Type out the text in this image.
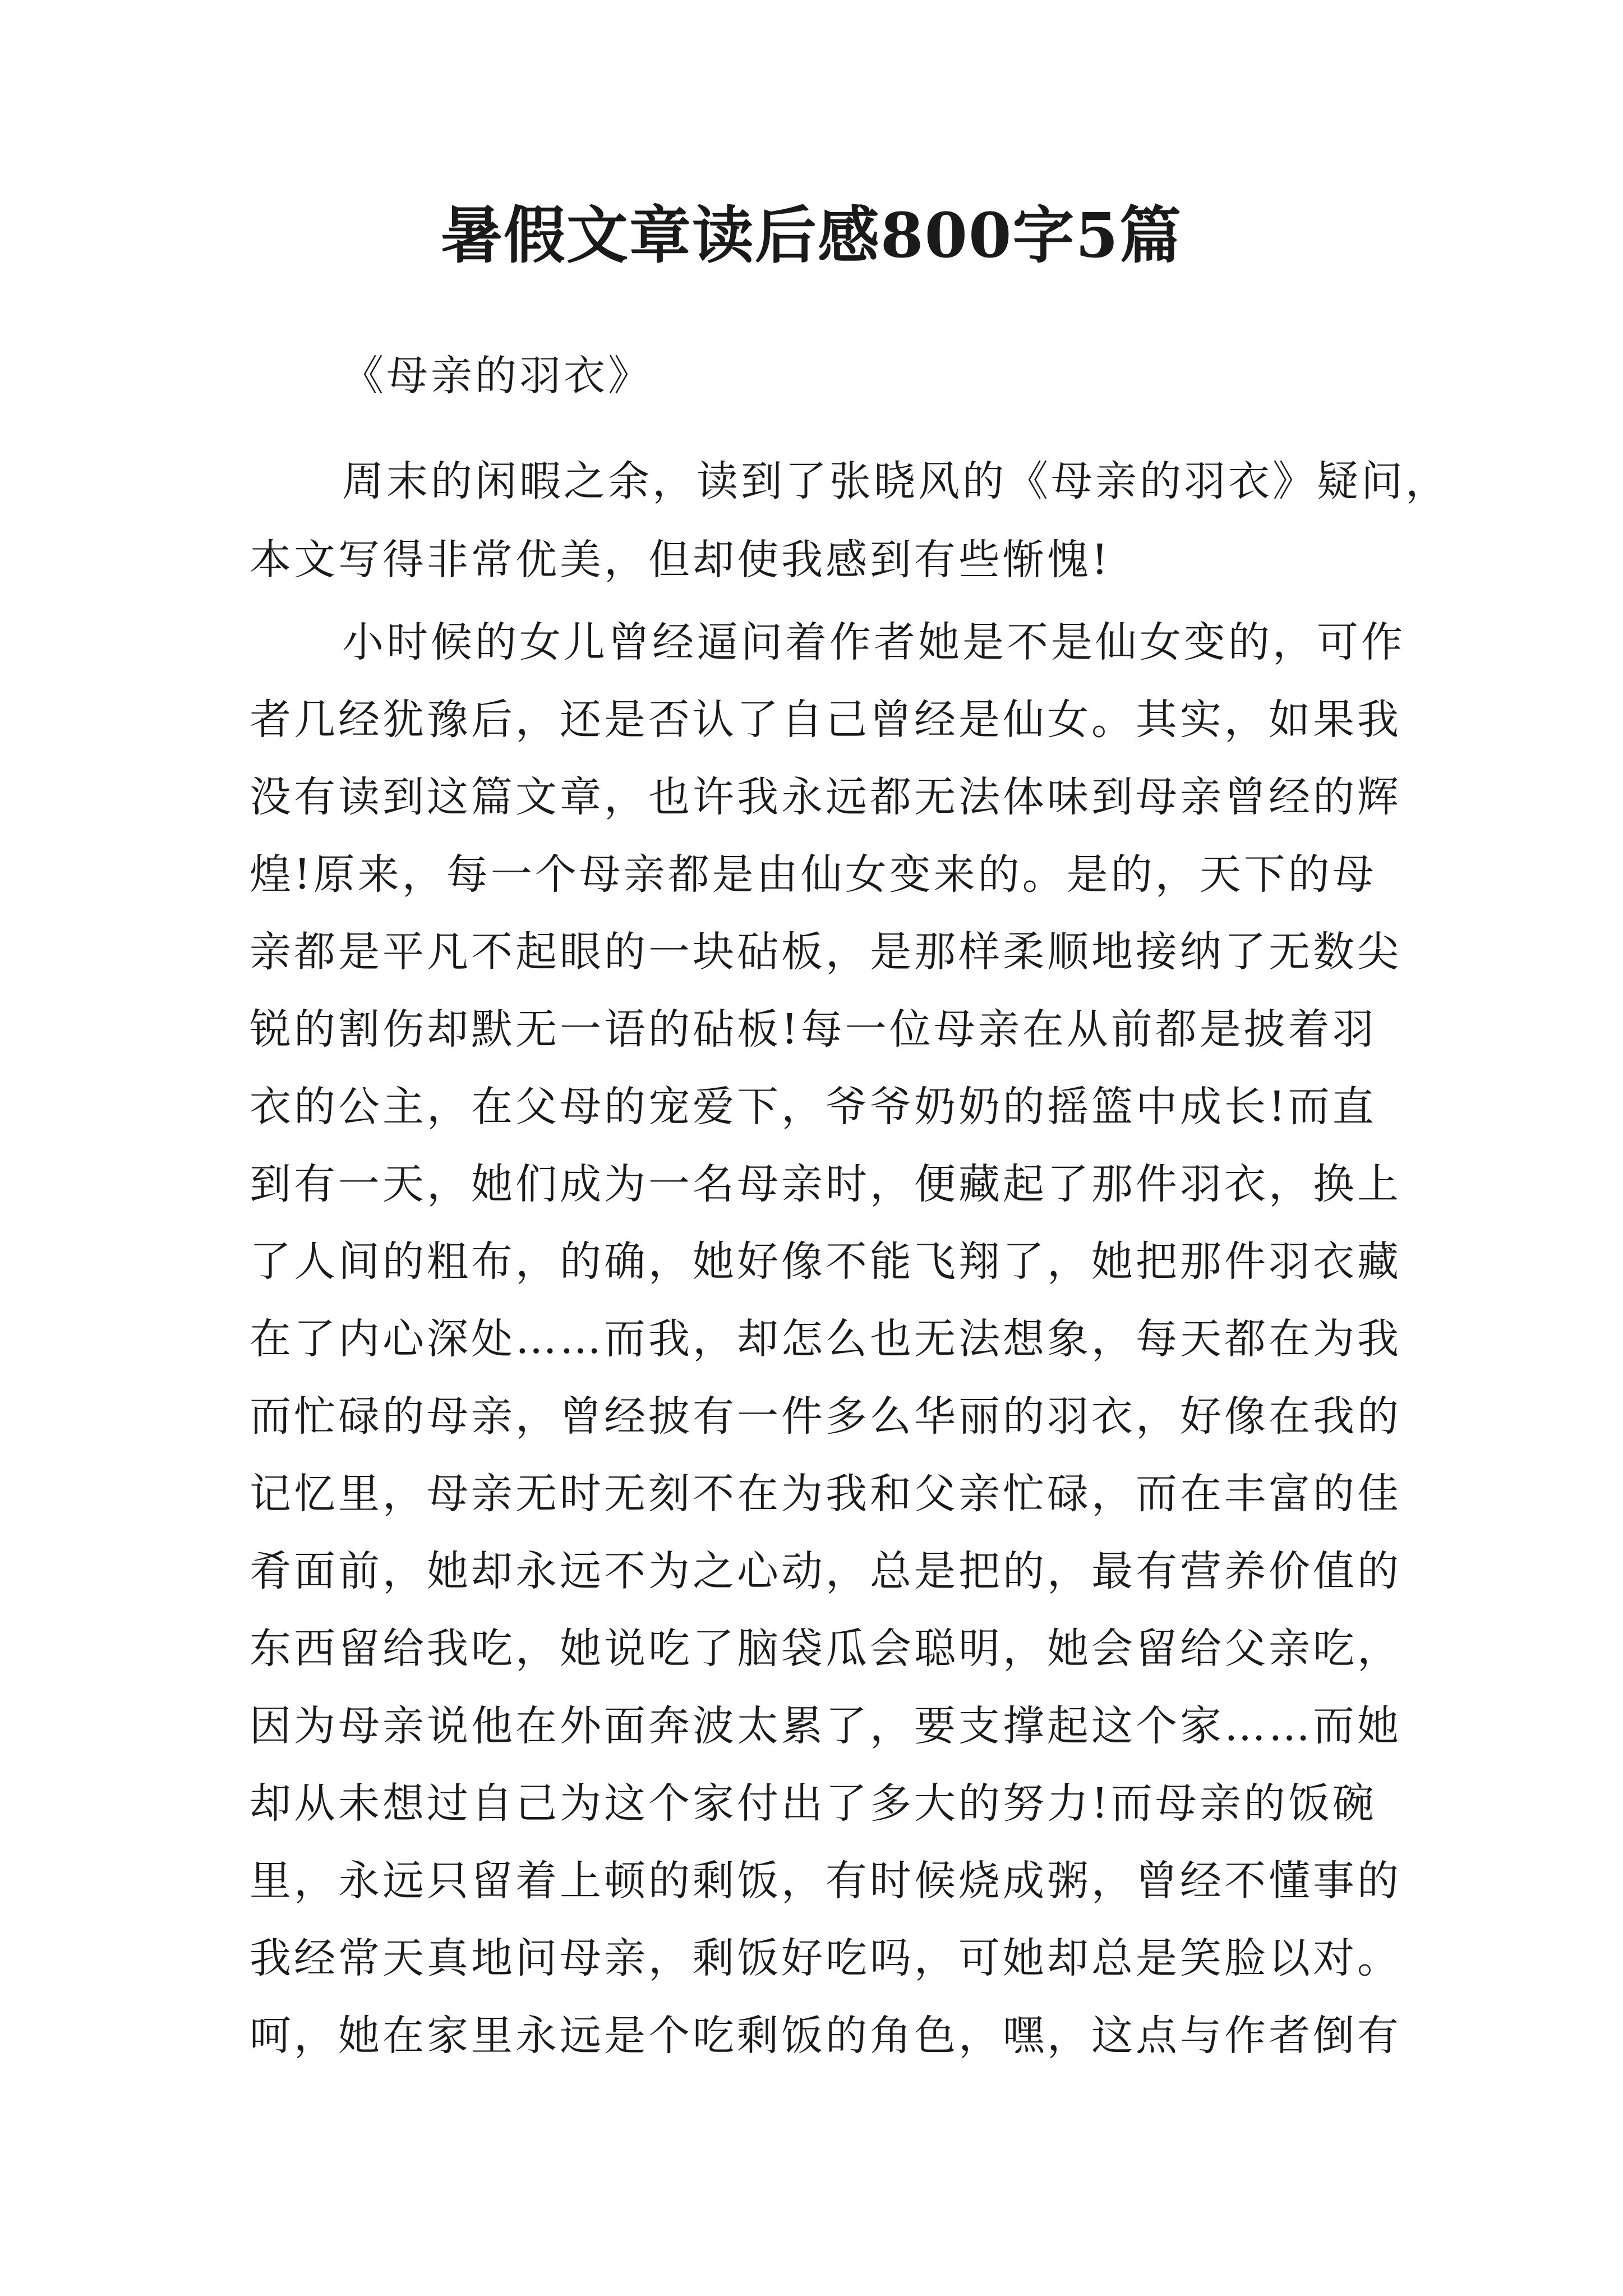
暑假文章读后感800字5篇
《母亲的羽衣》
周末的闲暇之余，读到了张晓风的《母亲的羽衣》疑问，
本文写得非常优美，但却使我感到有些惭愧!
小时候的女儿曾经逼问着作者她是不是仙女变的，可作
者几经犹豫后，还是否认了自己曾经是仙女。其实，如果我
没有读到这篇文章，也许我永远都无法体味到母亲曾经的辉
煌!原来，每一个母亲都是由仙女变来的。是的，天下的母
亲都是平凡不起眼的一块砧板，是那样柔顺地接纳了无数尖
锐的割伤却默无一语的砧板!每一位母亲在从前都是披着羽
衣的公主，在父母的宠爱下，爷爷奶奶的摇篮中成长!而直
到有一天，她们成为一名母亲时，便藏起了那件羽衣，换上
了人间的粗布，的确，她好像不能飞翔了，她把那件羽衣藏
在了内心深处……而我，却怎么也无法想象，每天都在为我
而忙碌的母亲，曾经披有一件多么华丽的羽衣，好像在我的
记忆里，母亲无时无刻不在为我和父亲忙碌，而在丰富的佳
肴面前，她却永远不为之心动，总是把的，最有营养价值的
东西留给我吃，她说吃了脑袋瓜会聪明，她会留给父亲吃，
因为母亲说他在外面奔波太累了，要支撑起这个家……而她
却从未想过自己为这个家付出了多大的努力!而母亲的饭碗
里，永远只留着上顿的剩饭，有时候烧成粥，曾经不懂事的
我经常天真地问母亲，剩饭好吃吗，可她却总是笑脸以对。
呵，她在家里永远是个吃剩饭的角色，嘿，这点与作者倒有
